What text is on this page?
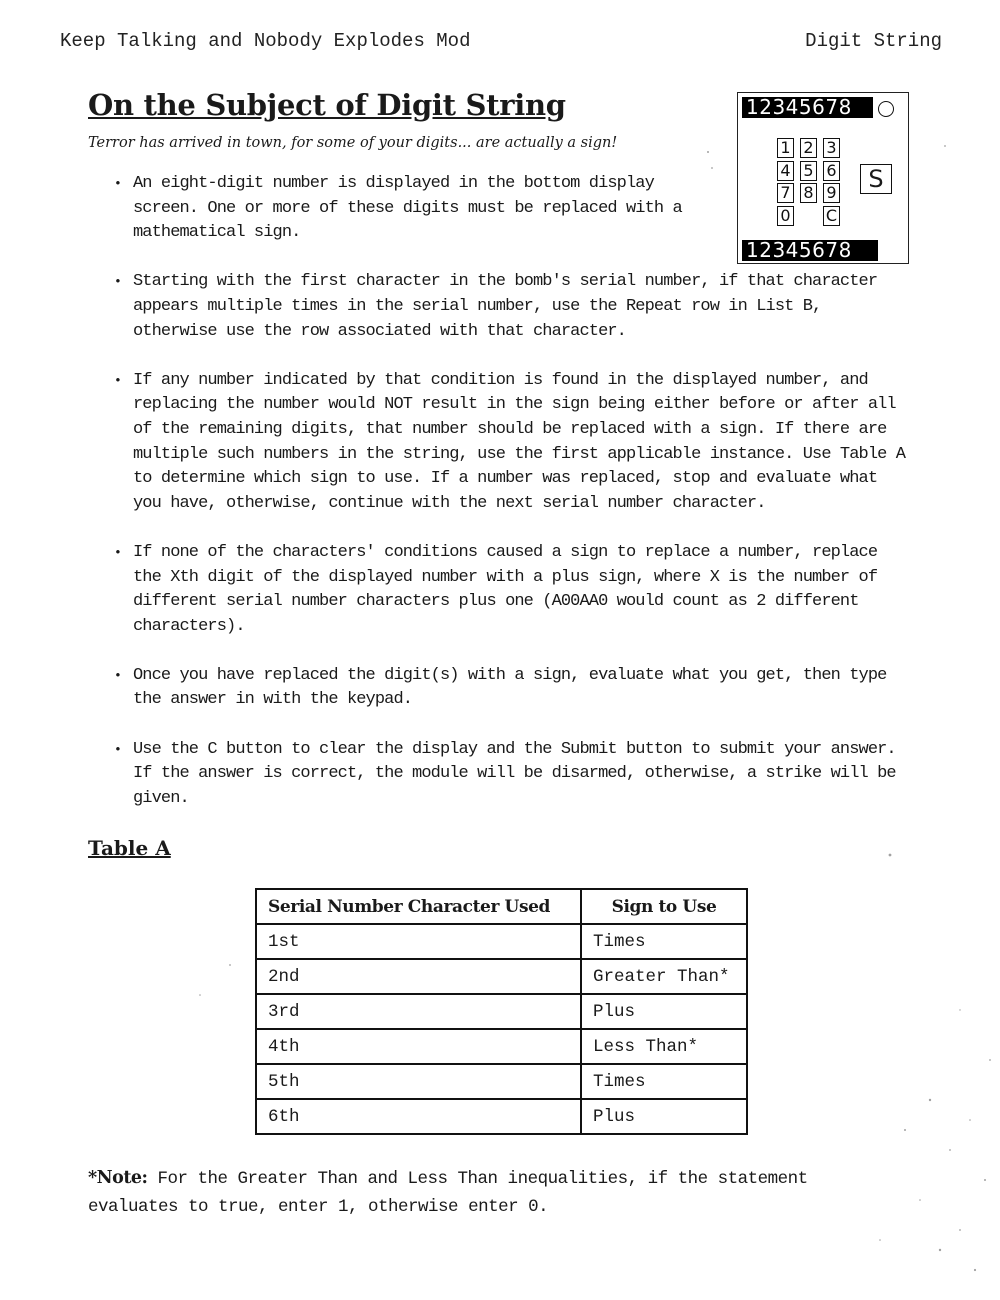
Keep Talking and Nobody Explodes Mod	Digit String
On the Subject of Digit String
Terror has arrived in town, for some of your digits... are actually a sign!
• An eight-digit number is displayed in the bottom display screen. One or more of these digits must be replaced with a mathematical sign.
• Starting with the first character in the bomb's serial number, if that character appears multiple times in the serial number, use the Repeat row in List B, otherwise use the row associated with that character.
• If any number indicated by that condition is found in the displayed number, and replacing the number would NOT result in the sign being either before or after all of the remaining digits, that number should be replaced with a sign. If there are multiple such numbers in the string, use the first applicable instance. Use Table A to determine which sign to use. If a number was replaced, stop and evaluate what you have, otherwise, continue with the next serial number character.
• If none of the characters' conditions caused a sign to replace a number, replace the Xth digit of the displayed number with a plus sign, where X is the number of different serial number characters plus one (A00AA0 would count as 2 different characters).
• Once you have replaced the digit(s) with a sign, evaluate what you get, then type the answer in with the keypad.
• Use the C button to clear the display and the Submit button to submit your answer. If the answer is correct, the module will be disarmed, otherwise, a strike will be given.
12345678
1 2 3
4 5 6
7 8 9
0 C
S
12345678
Table A
Serial Number Character Used	Sign to Use
1st	Times
2nd	Greater Than*
3rd	Plus
4th	Less Than*
5th	Times
6th	Plus
*Note: For the Greater Than and Less Than inequalities, if the statement evaluates to true, enter 1, otherwise enter 0.
